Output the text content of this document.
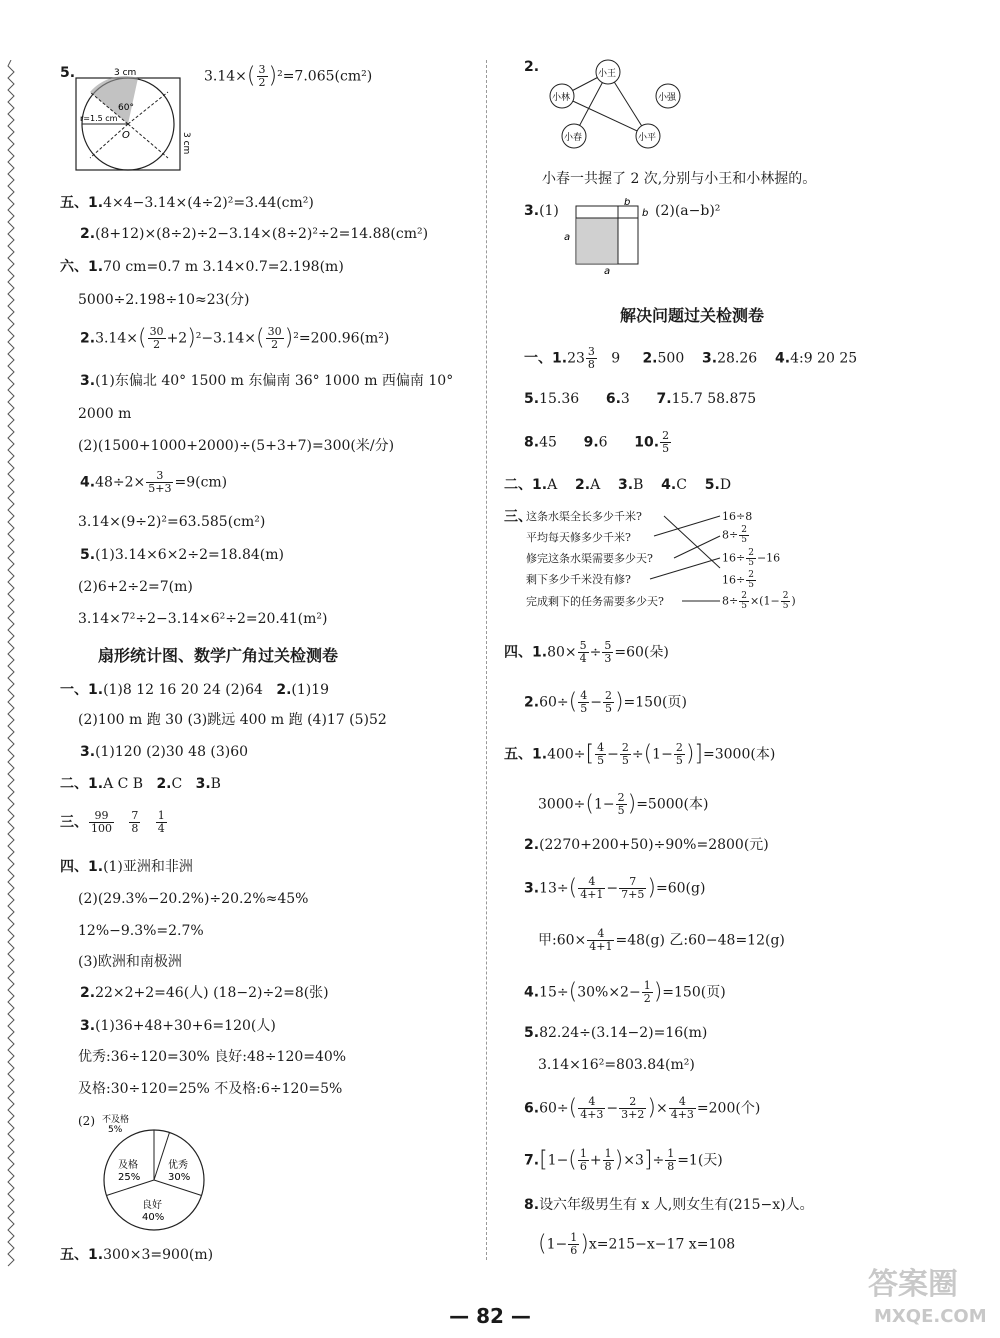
5.	3 cm
3 cm
60°
r=1.5 cm
O
$3.14\times( \frac{3}{2} )^2=7.065(cm^2)$
五、1.4×4−3.14×(4÷2)²=3.44(cm²)
2.(8+12)×(8÷2)÷2−3.14×(8÷2)²÷2=14.88(cm²)
六、1.70 cm=0.7 m 3.14×0.7=2.198(m)
5000÷2.198÷10≈23(分)
$2.3.14\times( \frac{30}{2} +2)^2-3.14\times( \frac{30}{2} )^2=200.96(m^2)$
3.(1)东偏北 40° 1500 m 东偏南 36° 1000 m 西偏南 10°
2000 m
(2)(1500+1000+2000)÷(5+3+7)=300(米/分)
$4.48\div 2\times \frac{3}{5+3} =9(cm)$
3.14×(9÷2)²=63.585(cm²)
5.(1)3.14×6×2÷2=18.84(m)
(2)6+2÷2=7(m)
3.14×7²÷2−3.14×6²÷2=20.41(m²)
扇形统计图、数学广角过关检测卷
一、1.(1)8 12 16 20 24 (2)64 2.(1)19
(2)100 m 跑 30 (3)跳远 400 m 跑 (4)17 (5)52
3.(1)120 (2)30 48 (3)60
二、1.A C B 2.C 3.B
三、 $\frac{99}{100}$
$\frac{7}{8}$
$\frac{1}{4}$
四、1.(1)亚洲和非洲
(2)(29.3%−20.2%)÷20.2%≈45%
12%−9.3%=2.7%
(3)欧洲和南极洲
2.22×2+2=46(人) (18−2)÷2=8(张)
3.(1)36+48+30+6=120(人)
优秀:36÷120=30% 良好:48÷120=40%
及格:30÷120=25% 不及格:6÷120=5%
(2) 不及格
5%
及格
25%
优秀
30%
良好
40%
五、1.300×3=900(m)
2.	小王
小林	小强
小春	小平
小春一共握了 2 次,分别与小王和小林握的。
3.(1)
b
b
a
a
(2)(a−b)²
解决问题过关检测卷
一、$1.23 \frac{3}{8} 9$ 2.500 3.28.26 4.4:9 20 25
5.15.36 6.3 7.15.7 58.875
8.45 9.6 10. $\frac{2}{5}$
二、1.A 2.A 3.B 4.C 5.D
三、
这条水渠全长多少千米?
平均每天修多少千米?
修完这条水渠需要多少天?
剩下多少千米没有修?
完成剩下的任务需要多少天?
16÷8
$8\div \frac{2}{5}$
$16\div \frac{2}{5} -16$
$16\div \frac{2}{5}$
$8\div \frac{2}{5} \times(1- \frac{2}{5}$ )
四、$1.80\times \frac{5}{4} \div \frac{5}{3} =60$(朵)
$2.60\div( \frac{4}{5} - \frac{2}{5} )=150$(页)
五、$1.400\div[ \frac{4}{5} - \frac{2}{5} \div(1- \frac{2}{5} )]=3000$(本)
$3000\div(1- \frac{2}{5} )=5000$(本)
2.(2270+200+50)÷90%=2800(元)
$3.13\div( \frac{4}{4+1} - \frac{7}{7+5} )=60(g)$
甲:60× $\frac{4}{4+1} =48(g)$ 乙:60−48=12(g)
$4.15\div(30\%\times 2- \frac{1}{2} )=150$(页)
5.82.24÷(3.14−2)=16(m)
3.14×16²=803.84(m²)
$6.60\div( \frac{4}{4+3} - \frac{2}{3+2}$ )× $\frac{4}{4+3} =200$(个)
$7.[1-( \frac{1}{6} + \frac{1}{8} )\times 3]\div \frac{1}{8} =1$(天)
8.设六年级男生有 x 人,则女生有(215−x)人。
$(1- \frac{1}{6} )x=215-x-17$ x=108
— 82 —
答案圈
MXQE.COM
